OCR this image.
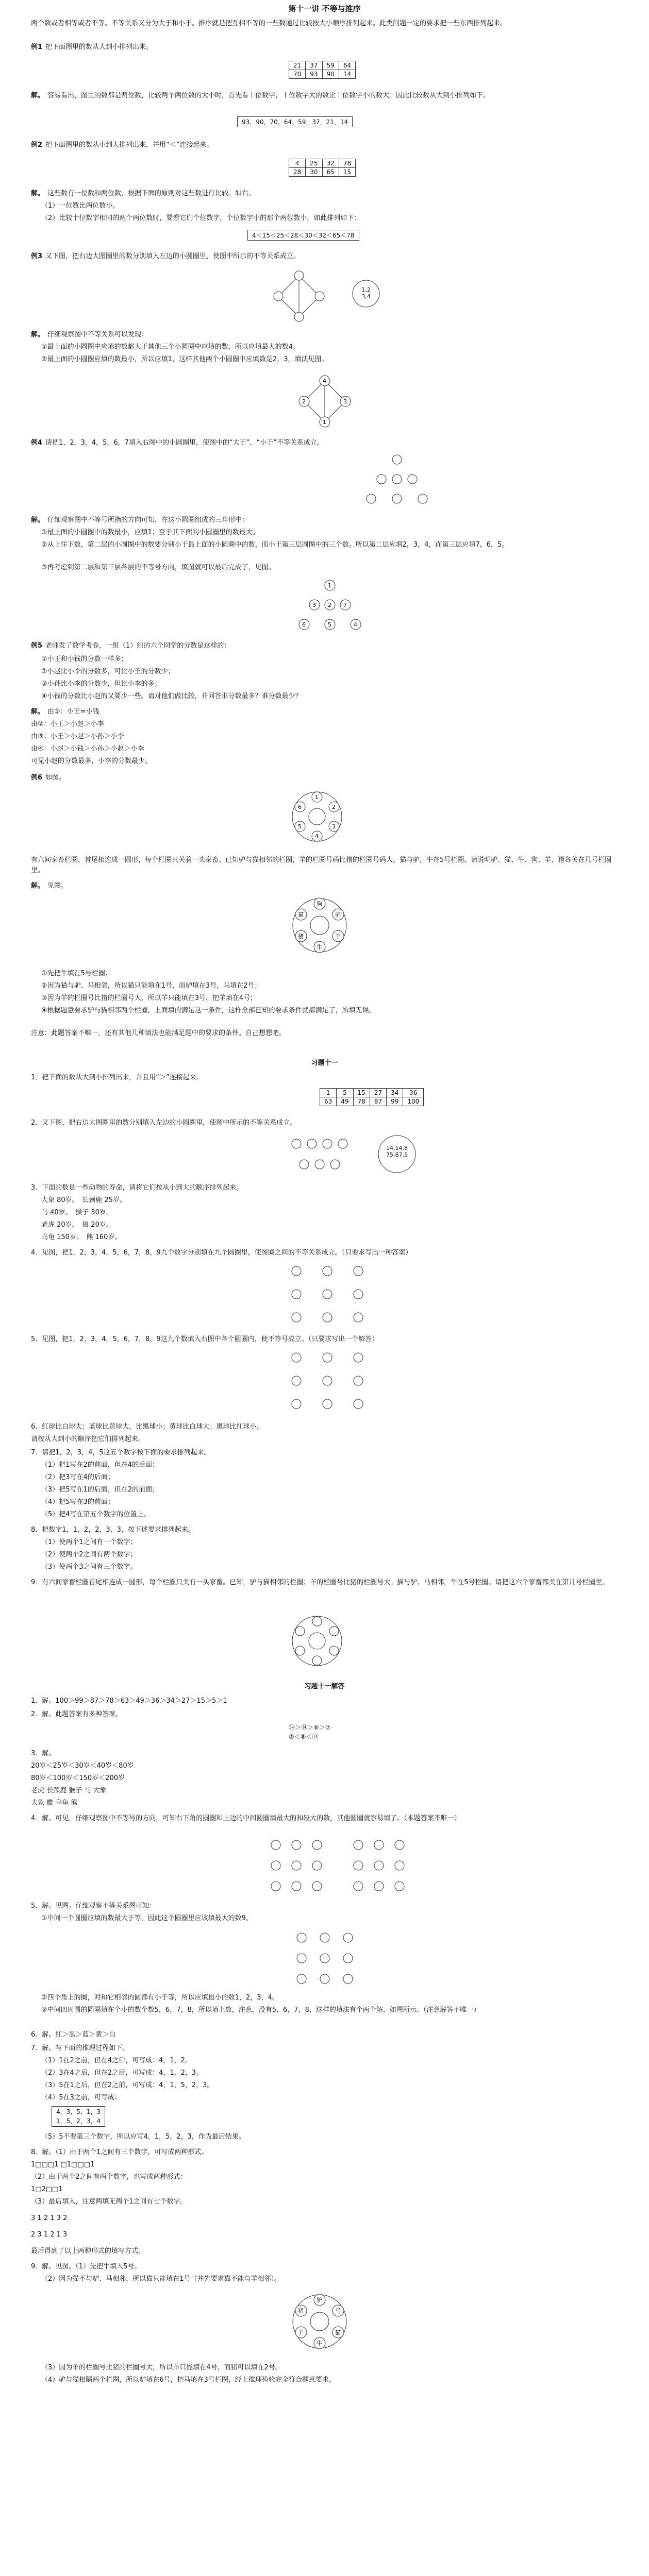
第十一讲 不等与推序
两个数或者相等或者不等。不等关系又分为大于和小于。推序就是把互相不等的一些数通过比较按大小顺序排列起来。此类问题一定的要求把一些东西排列起来。
例1 把下面图里的数从大到小排列出来。
21	37	59	64
70	93	90	14
解。 容易看出，图里的数都是两位数，比较两个两位数的大小时，首先看十位数字，十位数字大的数比十位数字小的数大。因此比较数从大到小排列如下。
93，90，70，64，59，37，21，14
例2 把下面图里的数从小到大排列出来，并用“＜”连接起来。
4	25	32	78
28	30	65	15
解。 这些数有一位数和两位数，根据下面的原则对这些数进行比较。如右。
（1）一位数比两位数小。
（2）比较十位数字相同的两个两位数时，要看它们个位数字，个位数字小的那个两位数小，如此排列如下：
4＜15＜25＜28＜30＜32＜65＜78
例3 又下图，把右边大图圈里的数分别填入左边的小圆圈里，使图中所示的不等关系成立。
1,2
3,4
解。 仔细观察图中不等关系可以发现：
①最上面的小圆圈中应填的数都大于其他三个小圆圈中应填的数，所以应填最大的数4。
②最上面的小圆圈应填的数最小，所以应填1，这样其他两个小圆圈中应填数是2，3，填法见图。
4
2	3
1
例4 请把1，2，3，4，5，6，7填入右图中的小圆圈里，使图中的“大于”、“小于”不等关系成立。
解。 仔细观察图中不等号所指的方向可知，在这小圆圈组成的三角形中：
①最上面的小圆圈中的数最小，应填1；至于其下面的小圆圈里的数最大。
②从上往下数，第二层的小圆圈中的数要分别小于最上面的小圆圈中的数，而小于第三层圆圈中的三个数。所以第二层应填2，3，4，而第三层应填7，6，5。
③再考虑到第二层和第三层各层的不等号方向，填图就可以最后完成了，见图。
1
3 2 7
6	5	4
例5 老师发了数学考卷，一组（1）组的六个同学的分数是这样的：
①小王和小钱的分数一样多；
②小赵比小李的分数多，可比小王的分数少；
③小孙比小李的分数少，但比小李的多；
④小钱的分数比小赵的又要少一些。请对他们做比较，并回答谁分数最多？谁分数最少？
解。 由①：小王=小钱
由②：小王＞小赵＞小李
由③：小王＞小赵＞小孙＞小李
由④：小赵＞小钱＞小孙＞小赵＞小李
可见小赵的分数最多，小李的分数最少。
例6 如图。
1
2
3
4
5
6
有六间家畜栏圈，首尾相连成一圆形，每个栏圈只关着一头家畜。已知驴与猫相邻的栏圈，羊的栏圈号码比猪的栏圈号码大。猫与驴，牛在5号栏圈。请说明驴、猫、牛、狗、羊、猪各关在几号栏圈里。
解。 见图。
狗
驴
羊
牛
猪
猫
①先把牛填在5号栏圈；
②因为猫与驴、马相邻，所以猫只能填在1号，而驴填在3号，马填在2号；
③因为羊的栏圈号比猪的栏圈号大，所以羊只能填在3号，把羊填在4号；
④根据题意要求驴与猫相邻两个栏圈，上面填的满足这一条件，这样全部已知的要求条件就都满足了，所填无误。
注意：此题答案不唯一，还有其他几种填法也能满足题中的要求的条件。自己想想吧。
习题十一
1．把下面的数从大到小排列出来，并且用“＞”连接起来。
1	5	15	27	34	36
63	49	78	87	99	100
2．又下图，把右边大图圈里的数分别填入左边的小圆圈里，使图中所示的不等关系成立。
14,14,8
75,87,5
3．下面的数是一些动物的寿命，请将它们按从小到大的顺序排列起来。
大象 80岁。　长颈鹿 25岁。
马 40岁。　猴子 30岁。
老虎 20岁。　狼 20岁。
乌龟 150岁。　熊 160岁。
4．见图，把1，2，3，4，5，6，7，8，9九个数字分别填在九个圆圈里，使图圈之间的不等关系成立。（只要求写出一种答案）
5．见图，把1，2，3，4，5，6，7，8，9这九个数填入右图中各个圆圈内，使不等号成立。（只要求写出一个解答）
6．红球比白球大；蓝球比黄球大，比黑球小；黄球比白球大；黑球比红球小。
请按从大到小的顺序把它们排列起来。
7．请把1，2，3，4，5这五个数字按下面的要求排列起来。
（1）把1写在2的前面，但在4的后面；
（2）把3写在4的后面；
（3）把5写在1的后面，但在2的前面；
（4）把5写在3的前面；
（5）把4写在第五个数字的位置上。
8．把数字1，1，2，2，3，3，按下述要求排列起来。
（1）使两个1之间有一个数字；
（2）使两个2之间有两个数字；
（3）使两个3之间有三个数字。
9．有六间家畜栏圈首尾相连成一圆形，每个栏圈只关有一头家畜。已知，驴与猫相邻的栏圈；羊的栏圈号比猪的栏圈号大。猫与驴、马相邻，牛在5号栏圈。请把这六个家畜都关在第几号栏圈里。
习题十一解答
1．解。100＞99＞87＞78＞63＞49＞36＞34＞27＞15＞5＞1
2．解。此题答案有多种答案。
⑭＞⑭＞⑧＞⑦
⑤＜⑧＜⑭
3．解。
20岁＜25岁＜30岁＜40岁＜80岁
80岁＜100岁＜150岁＜200岁
老虎 长颈鹿 猴子 马 大象
大象 鹰 乌龟 熊
4．解。可见，仔细观察图中不等号的方向，可知右下角的圆圈和上边的中间圆圈填最大的和较大的数，其他圆圈就容易填了。（本题答案不唯一）
5．解。见图。仔细观察不等关系图可知：
①中间一个圆圈应填的数最大于等，因此这个圆圈里应该填最大的数9。
②四个角上的圈，对和它相邻的圆都有小于等，所以应填最小的数1，2，3，4。
③中间四周圆的圆圈填在个小的数个数5，6，7，8，所以填上数，注意，没有5，6，7，8，这样的填法有个两个解，如图所示。（注意解答不唯一）
6．解。红＞黑＞蓝＞黄＞白
7．解。写下面的推理过程如下。
（1）1在2之前，但在4之后，可写成：4，1，2。
（2）3在4之后，但在2之后，可写成：4，1，2，3。
（3）5在1之后，但在2之前，可写成：4，1，5，2，3。
（4）5在3之前，可写成：
4，3，5，1，3
1，5，2，3，4
（5）5不要第三个数字，所以应写4，1，5，2，3，作为最后结果。
8．解。（1）由于两个1之间有三个数字，可写成两种形式。
1□□□1 □1□□□1
（2）由于两个2之间有两个数字，也写成两种形式：
1□2□□1
（3）最后填入，注意两填无两个1之间有七个数字。
3 1 2 1 3 2
2 3 1 2 1 3
最后得到了以上两种形式的填写方式。
9．解。见图。（1）先把牛填入5号。
（2）因为猫不与驴、马相邻，所以猫只能填在1号（并先要求猫不能与羊相邻）。
驴
马
猫
牛
羊
猪
（3）因为羊的栏圈号比猪的栏圈号大，所以羊只能填在4号，而猪可以填在2号。
（4）驴与猫相隔两个栏圈，所以驴填在6号，把马填在3号栏圈，经上推理检验完全符合题意要求。
